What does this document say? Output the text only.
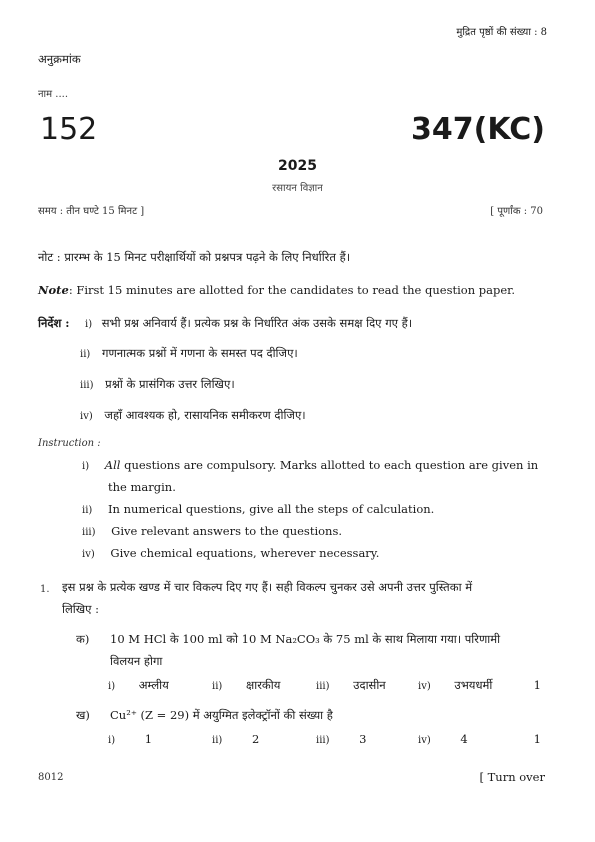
मुद्रित पृष्ठों की संख्या : 8
अनुक्रमांक
नाम ....
152	347(KC)
2025
रसायन विज्ञान
समय : तीन घण्टे 15 मिनट ]	[ पूर्णांक : 70
नोट : प्रारम्भ के 15 मिनट परीक्षार्थियों को प्रश्नपत्र पढ़ने के लिए निर्धारित हैं।
Note: First 15 minutes are allotted for the candidates to read the question paper.
निर्देश : i) सभी प्रश्न अनिवार्य हैं। प्रत्येक प्रश्न के निर्धारित अंक उसके समक्ष दिए गए हैं।
ii) गणनात्मक प्रश्नों में गणना के समस्त पद दीजिए।
iii) प्रश्नों के प्रासंगिक उत्तर लिखिए।
iv) जहाँ आवश्यक हो, रासायनिक समीकरण दीजिए।
Instruction :
i) All questions are compulsory. Marks allotted to each question are given in
the margin.
ii) In numerical questions, give all the steps of calculation.
iii) Give relevant answers to the questions.
iv) Give chemical equations, wherever necessary.
1. इस प्रश्न के प्रत्येक खण्ड में चार विकल्प दिए गए हैं। सही विकल्प चुनकर उसे अपनी उत्तर पुस्तिका में
लिखिए :
क) 10 M HCl के 100 ml को 10 M Na₂CO₃ के 75 ml के साथ मिलाया गया। परिणामी
विलयन होगा
i) अम्लीय	ii) क्षारकीय	iii) उदासीन	iv) उभयधर्मी	1
ख) Cu²⁺ (Z = 29) में अयुग्मित इलेक्ट्रॉनों की संख्या है
i)	1	ii)	2	iii)	3	iv)	4	1
8012	[ Turn over
